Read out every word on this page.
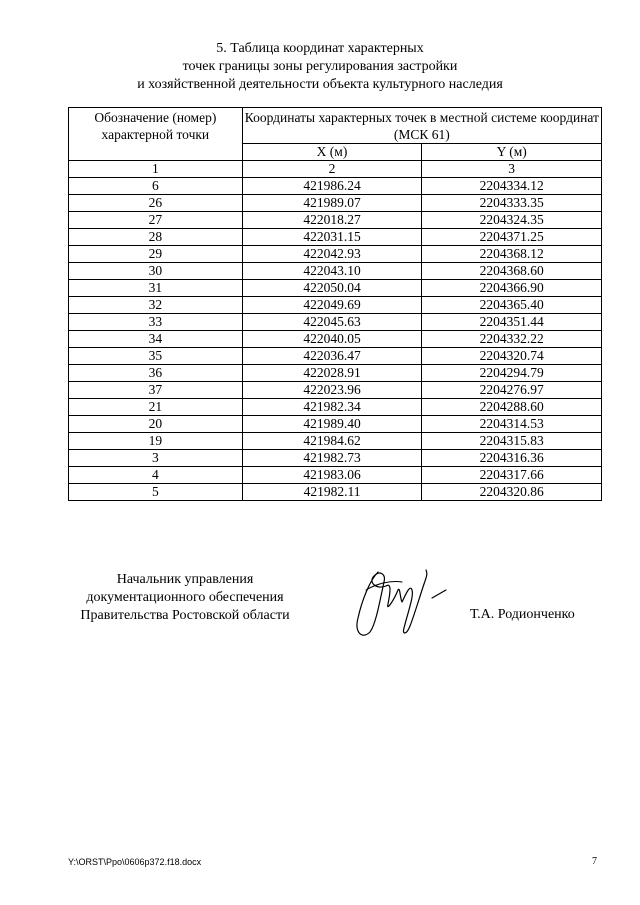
5. Таблица координат характерных
точек границы зоны регулирования застройки
и хозяйственной деятельности объекта культурного наследия
Обозначение (номер) характерной точки	Координаты характерных точек в местной системе координат (МСК 61)	
	X (м)	Y (м)
1	2	3
6	421986.24	2204334.12
26	421989.07	2204333.35
27	422018.27	2204324.35
28	422031.15	2204371.25
29	422042.93	2204368.12
30	422043.10	2204368.60
31	422050.04	2204366.90
32	422049.69	2204365.40
33	422045.63	2204351.44
34	422040.05	2204332.22
35	422036.47	2204320.74
36	422028.91	2204294.79
37	422023.96	2204276.97
21	421982.34	2204288.60
20	421989.40	2204314.53
19	421984.62	2204315.83
3	421982.73	2204316.36
4	421983.06	2204317.66
5	421982.11	2204320.86
Начальник управления
документационного обеспечения
Правительства Ростовской области	Т.А. Родионченко
Y:\ORST\Ppo\0606p372.f18.docx	7
